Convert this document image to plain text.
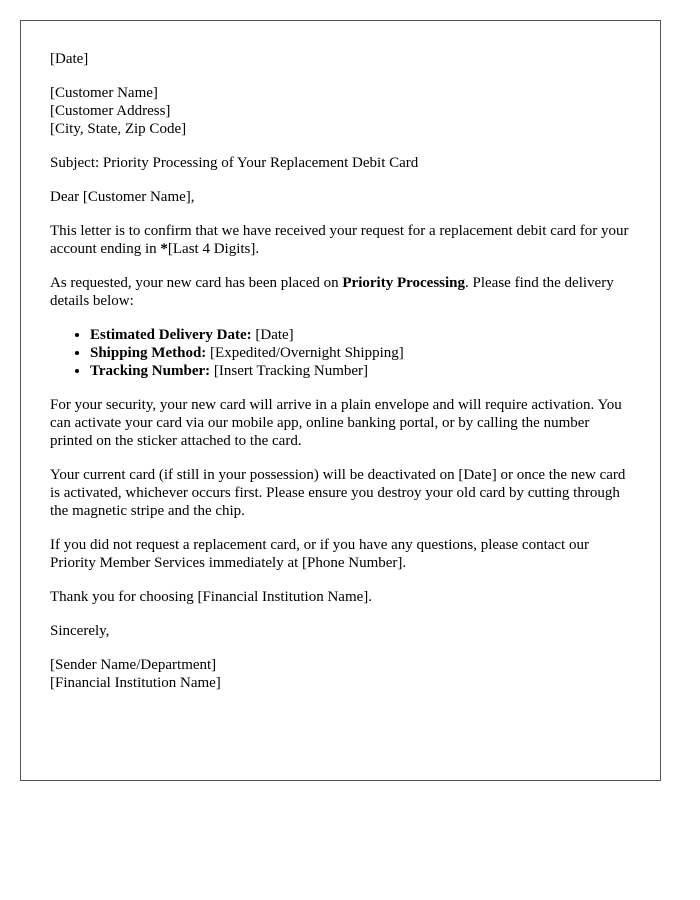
[Date]

[Customer Name]
[Customer Address]
[City, State, Zip Code]

Subject: Priority Processing of Your Replacement Debit Card

Dear [Customer Name],

This letter is to confirm that we have received your request for a replacement debit card for your account ending in *[Last 4 Digits].

As requested, your new card has been placed on Priority Processing. Please find the delivery details below:

• Estimated Delivery Date: [Date]
• Shipping Method: [Expedited/Overnight Shipping]
• Tracking Number: [Insert Tracking Number]

For your security, your new card will arrive in a plain envelope and will require activation. You can activate your card via our mobile app, online banking portal, or by calling the number printed on the sticker attached to the card.

Your current card (if still in your possession) will be deactivated on [Date] or once the new card is activated, whichever occurs first. Please ensure you destroy your old card by cutting through the magnetic stripe and the chip.

If you did not request a replacement card, or if you have any questions, please contact our Priority Member Services immediately at [Phone Number].

Thank you for choosing [Financial Institution Name].

Sincerely,

[Sender Name/Department]
[Financial Institution Name]
